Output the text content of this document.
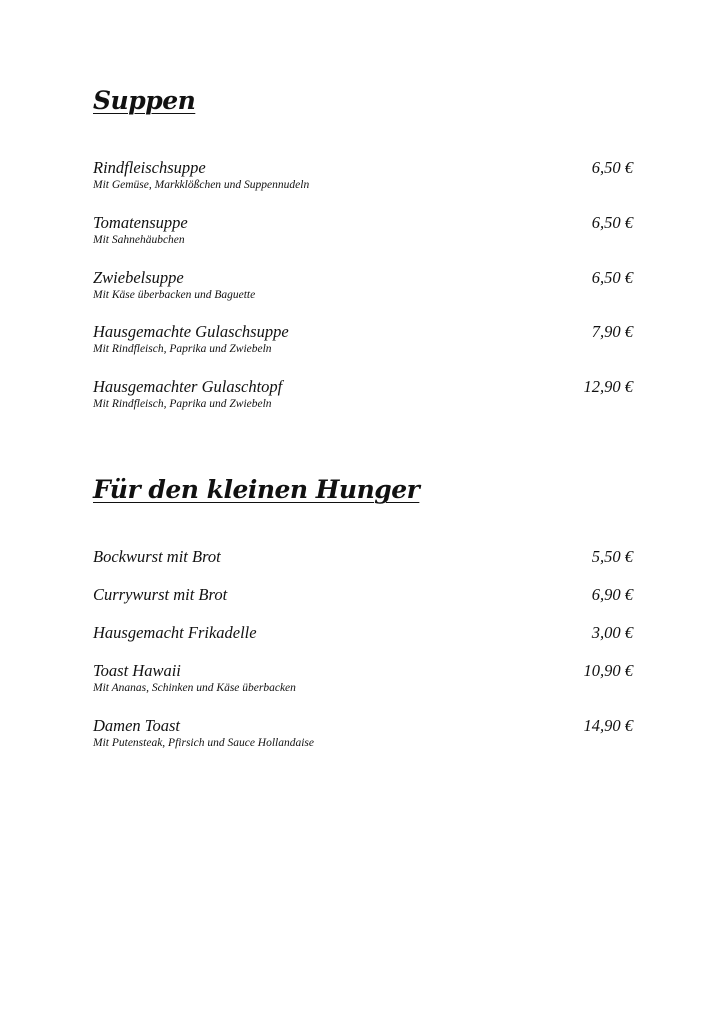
Suppen
Rindfleischsuppe	6,50 €
Mit Gemüse, Markklößchen und Suppennudeln
Tomatensuppe	6,50 €
Mit Sahnehäubchen
Zwiebelsuppe	6,50 €
Mit Käse überbacken und Baguette
Hausgemachte Gulaschsuppe	7,90 €
Mit Rindfleisch, Paprika und Zwiebeln
Hausgemachter Gulaschtopf	12,90 €
Mit Rindfleisch, Paprika und Zwiebeln
Für den kleinen Hunger
Bockwurst mit Brot	5,50 €
Currywurst mit Brot	6,90 €
Hausgemacht Frikadelle	3,00 €
Toast Hawaii	10,90 €
Mit Ananas, Schinken und Käse überbacken
Damen Toast	14,90 €
Mit Putensteak, Pfirsich und Sauce Hollandaise
